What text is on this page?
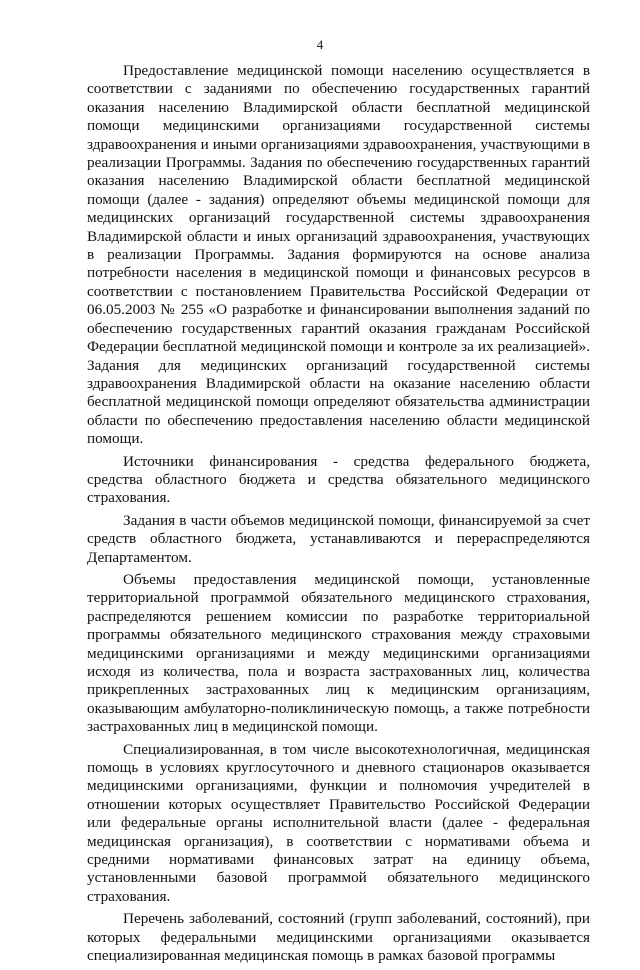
4

Предоставление медицинской помощи населению осуществляется в соответствии с заданиями по обеспечению государственных гарантий оказания населению Владимирской области бесплатной медицинской помощи медицинскими организациями государственной системы здравоохранения и иными организациями здравоохранения, участвующими в реализации Программы. Задания по обеспечению государственных гарантий оказания населению Владимирской области бесплатной медицинской помощи (далее - задания) определяют объемы медицинской помощи для медицинских организаций государственной системы здравоохранения Владимирской области и иных организаций здравоохранения, участвующих в реализации Программы. Задания формируются на основе анализа потребности населения в медицинской помощи и финансовых ресурсов в соответствии с постановлением Правительства Российской Федерации от 06.05.2003 № 255 «О разработке и финансировании выполнения заданий по обеспечению государственных гарантий оказания гражданам Российской Федерации бесплатной медицинской помощи и контроле за их реализацией». Задания для медицинских организаций государственной системы здравоохранения Владимирской области на оказание населению области бесплатной медицинской помощи определяют обязательства администрации области по обеспечению предоставления населению области медицинской помощи.

Источники финансирования - средства федерального бюджета, средства областного бюджета и средства обязательного медицинского страхования.

Задания в части объемов медицинской помощи, финансируемой за счет средств областного бюджета, устанавливаются и перераспределяются Департаментом.

Объемы предоставления медицинской помощи, установленные территориальной программой обязательного медицинского страхования, распределяются решением комиссии по разработке территориальной программы обязательного медицинского страхования между страховыми медицинскими организациями и между медицинскими организациями исходя из количества, пола и возраста застрахованных лиц, количества прикрепленных застрахованных лиц к медицинским организациям, оказывающим амбулаторно-поликлиническую помощь, а также потребности застрахованных лиц в медицинской помощи.

Специализированная, в том числе высокотехнологичная, медицинская помощь в условиях круглосуточного и дневного стационаров оказывается медицинскими организациями, функции и полномочия учредителей в отношении которых осуществляет Правительство Российской Федерации или федеральные органы исполнительной власти (далее - федеральная медицинская организация), в соответствии с нормативами объема и средними нормативами финансовых затрат на единицу объема, установленными базовой программой обязательного медицинского страхования.

Перечень заболеваний, состояний (групп заболеваний, состояний), при которых федеральными медицинскими организациями оказывается специализированная медицинская помощь в рамках базовой программы
